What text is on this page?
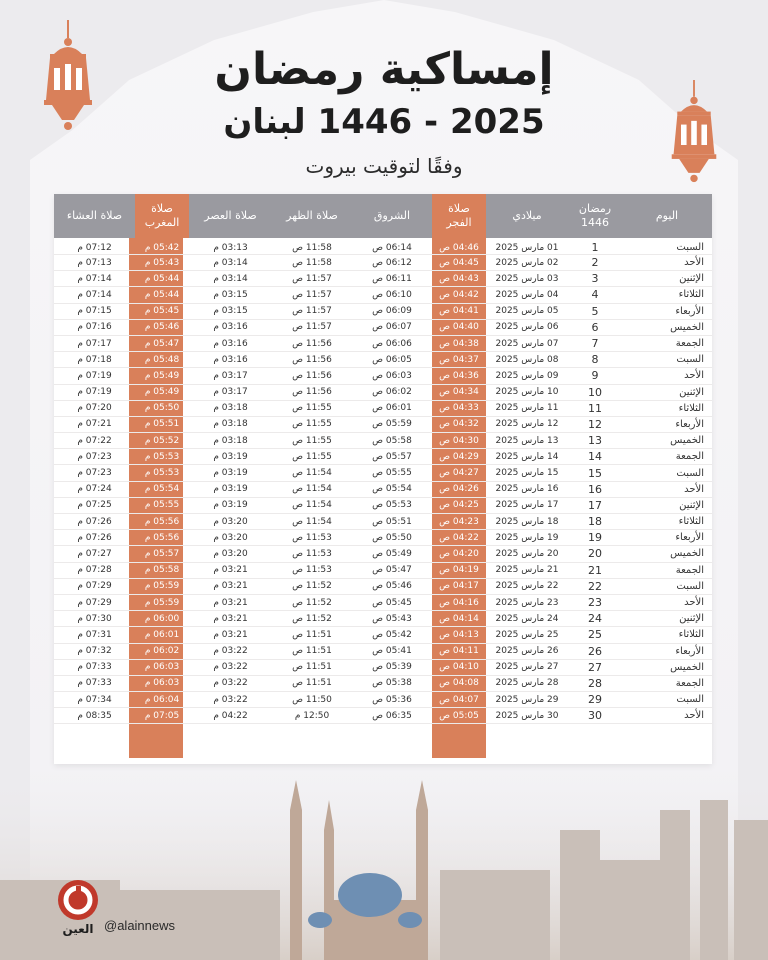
إمساكية رمضان
2025 - 1446 لبنان
وفقًا لتوقيت بيروت
اليوم	رمضان 1446	ميلادي	صلاة الفجر	الشروق	صلاة الظهر	صلاة العصر	صلاة المغرب	صلاة العشاء
السبت	1	01 مارس 2025	04:46 ص	06:14 ص	11:58 ص	03:13 م	05:42 م	07:12 م
الأحد	2	02 مارس 2025	04:45 ص	06:12 ص	11:58 ص	03:14 م	05:43 م	07:13 م
الإثنين	3	03 مارس 2025	04:43 ص	06:11 ص	11:57 ص	03:14 م	05:44 م	07:14 م
الثلاثاء	4	04 مارس 2025	04:42 ص	06:10 ص	11:57 ص	03:15 م	05:44 م	07:14 م
الأربعاء	5	05 مارس 2025	04:41 ص	06:09 ص	11:57 ص	03:15 م	05:45 م	07:15 م
الخميس	6	06 مارس 2025	04:40 ص	06:07 ص	11:57 ص	03:16 م	05:46 م	07:16 م
الجمعة	7	07 مارس 2025	04:38 ص	06:06 ص	11:56 ص	03:16 م	05:47 م	07:17 م
السبت	8	08 مارس 2025	04:37 ص	06:05 ص	11:56 ص	03:16 م	05:48 م	07:18 م
الأحد	9	09 مارس 2025	04:36 ص	06:03 ص	11:56 ص	03:17 م	05:49 م	07:19 م
الإثنين	10	10 مارس 2025	04:34 ص	06:02 ص	11:56 ص	03:17 م	05:49 م	07:19 م
الثلاثاء	11	11 مارس 2025	04:33 ص	06:01 ص	11:55 ص	03:18 م	05:50 م	07:20 م
الأربعاء	12	12 مارس 2025	04:32 ص	05:59 ص	11:55 ص	03:18 م	05:51 م	07:21 م
الخميس	13	13 مارس 2025	04:30 ص	05:58 ص	11:55 ص	03:18 م	05:52 م	07:22 م
الجمعة	14	14 مارس 2025	04:29 ص	05:57 ص	11:55 ص	03:19 م	05:53 م	07:23 م
السبت	15	15 مارس 2025	04:27 ص	05:55 ص	11:54 ص	03:19 م	05:53 م	07:23 م
الأحد	16	16 مارس 2025	04:26 ص	05:54 ص	11:54 ص	03:19 م	05:54 م	07:24 م
الإثنين	17	17 مارس 2025	04:25 ص	05:53 ص	11:54 ص	03:19 م	05:55 م	07:25 م
الثلاثاء	18	18 مارس 2025	04:23 ص	05:51 ص	11:54 ص	03:20 م	05:56 م	07:26 م
الأربعاء	19	19 مارس 2025	04:22 ص	05:50 ص	11:53 ص	03:20 م	05:56 م	07:26 م
الخميس	20	20 مارس 2025	04:20 ص	05:49 ص	11:53 ص	03:20 م	05:57 م	07:27 م
الجمعة	21	21 مارس 2025	04:19 ص	05:47 ص	11:53 ص	03:21 م	05:58 م	07:28 م
السبت	22	22 مارس 2025	04:17 ص	05:46 ص	11:52 ص	03:21 م	05:59 م	07:29 م
الأحد	23	23 مارس 2025	04:16 ص	05:45 ص	11:52 ص	03:21 م	05:59 م	07:29 م
الإثنين	24	24 مارس 2025	04:14 ص	05:43 ص	11:52 ص	03:21 م	06:00 م	07:30 م
الثلاثاء	25	25 مارس 2025	04:13 ص	05:42 ص	11:51 ص	03:21 م	06:01 م	07:31 م
الأربعاء	26	26 مارس 2025	04:11 ص	05:41 ص	11:51 ص	03:22 م	06:02 م	07:32 م
الخميس	27	27 مارس 2025	04:10 ص	05:39 ص	11:51 ص	03:22 م	06:03 م	07:33 م
الجمعة	28	28 مارس 2025	04:08 ص	05:38 ص	11:51 ص	03:22 م	06:03 م	07:33 م
السبت	29	29 مارس 2025	04:07 ص	05:36 ص	11:50 ص	03:22 م	06:04 م	07:34 م
الأحد	30	30 مارس 2025	05:05 ص	06:35 ص	12:50 م	04:22 م	07:05 م	08:35 م
العين @alainnews
